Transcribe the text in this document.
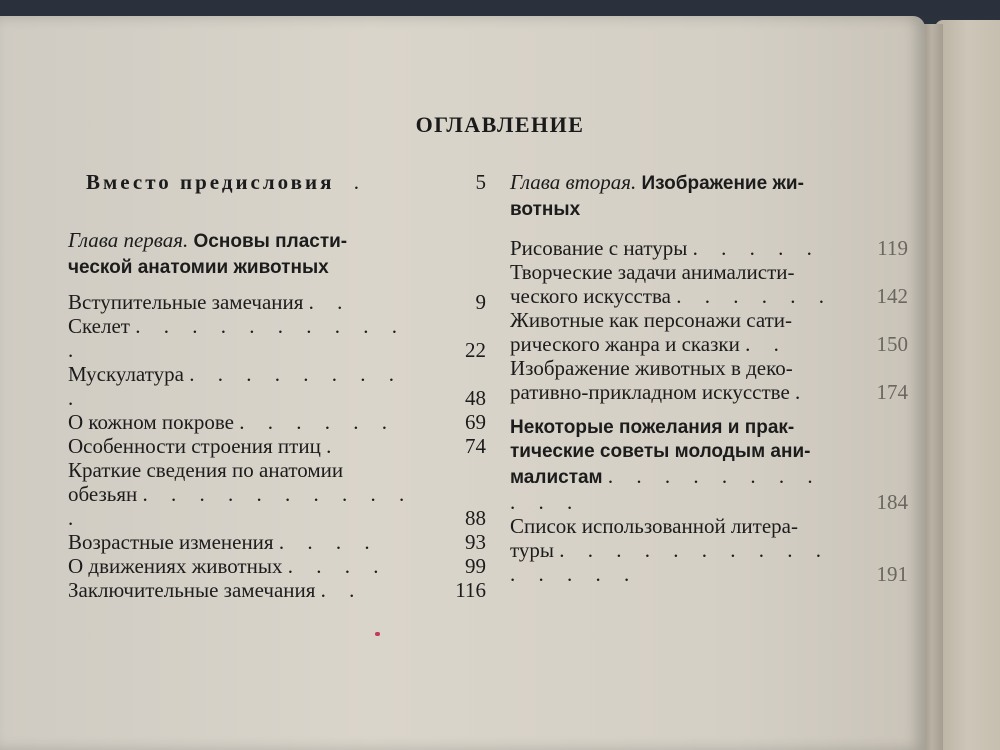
ОГЛАВЛЕНИЕ
Вместо предисловия .	5
Глава первая. Основы пласти-
ческой анатомии животных
Вступительные замечания . .	9
Скелет . . . . . . . . . . .	22
Мускулатура . . . . . . . . .	48
О кожном покрове . . . . . .	69
Особенности строения птиц .	74
Краткие сведения по анатомии
обезьян . . . . . . . . . . .	88
Возрастные изменения . . . .	93
О движениях животных . . . .	99
Заключительные замечания . .	116
Глава вторая. Изображение жи-
вотных
Рисование с натуры . . . . .	119
Творческие задачи анималисти-
ческого искусства . . . . . .	142
Животные как персонажи сати-
рического жанра и сказки . .	150
Изображение животных в деко-
ративно-прикладном искусстве .	174
Некоторые пожелания и прак-
тические советы молодым ани-
малистам . . . . . . . . . . .	184
Список использованной литера-
туры . . . . . . . . . . . . . . .	191
